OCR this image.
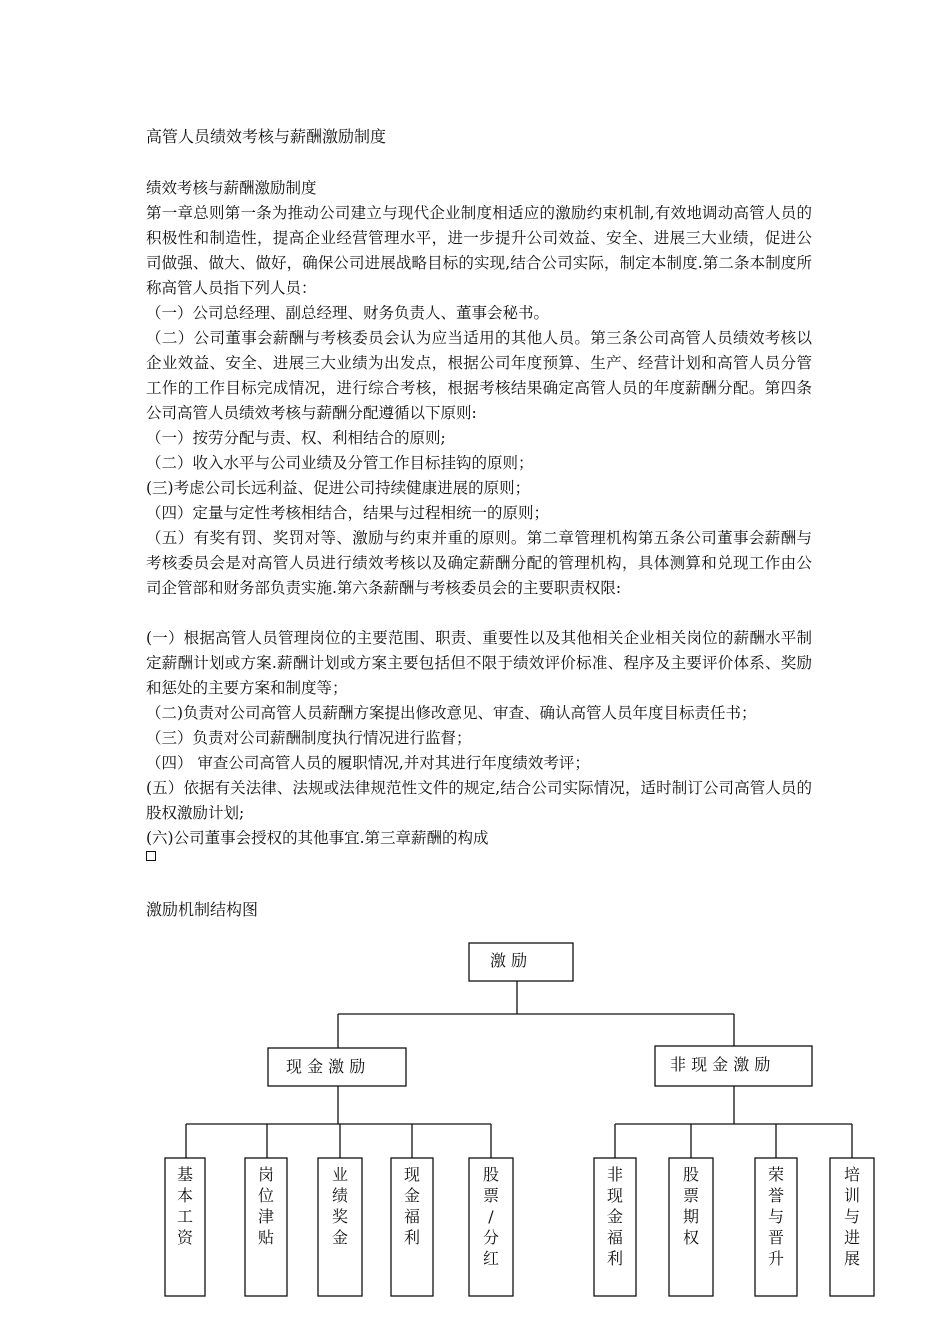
高管人员绩效考核与薪酬激励制度

绩效考核与薪酬激励制度

第一章总则第一条为推动公司建立与现代企业制度相适应的激励约束机制,有效地调动高管人员的积极性和制造性，提高企业经营管理水平，进一步提升公司效益、安全、进展三大业绩，促进公司做强、做大、做好，确保公司进展战略目标的实现,结合公司实际，制定本制度.第二条本制度所称高管人员指下列人员：

（一）公司总经理、副总经理、财务负责人、董事会秘书。

（二）公司董事会薪酬与考核委员会认为应当适用的其他人员。第三条公司高管人员绩效考核以企业效益、安全、进展三大业绩为出发点，根据公司年度预算、生产、经营计划和高管人员分管工作的工作目标完成情况，进行综合考核，根据考核结果确定高管人员的年度薪酬分配。第四条公司高管人员绩效考核与薪酬分配遵循以下原则:

（一）按劳分配与责、权、利相结合的原则;

（二）收入水平与公司业绩及分管工作目标挂钩的原则；

(三)考虑公司长远利益、促进公司持续健康进展的原则；

（四）定量与定性考核相结合，结果与过程相统一的原则；

（五）有奖有罚、奖罚对等、激励与约束并重的原则。第二章管理机构第五条公司董事会薪酬与考核委员会是对高管人员进行绩效考核以及确定薪酬分配的管理机构，具体测算和兑现工作由公司企管部和财务部负责实施.第六条薪酬与考核委员会的主要职责权限:

(一）根据高管人员管理岗位的主要范围、职责、重要性以及其他相关企业相关岗位的薪酬水平制定薪酬计划或方案.薪酬计划或方案主要包括但不限于绩效评价标准、程序及主要评价体系、奖励和惩处的主要方案和制度等；

（二)负责对公司高管人员薪酬方案提出修改意见、审查、确认高管人员年度目标责任书；

（三）负责对公司薪酬制度执行情况进行监督；

（四） 审查公司高管人员的履职情况,并对其进行年度绩效考评；

(五）依据有关法律、法规或法律规范性文件的规定,结合公司实际情况，适时制订公司高管人员的股权激励计划;

(六)公司董事会授权的其他事宜.第三章薪酬的构成

激励机制结构图
激 励
现 金 激 励
基本工资
岗位津贴
业绩奖金
现金福利
股票/分红
非 现 金 激 励
非现金福利
股票期权
荣誉与晋升
培训与进展
